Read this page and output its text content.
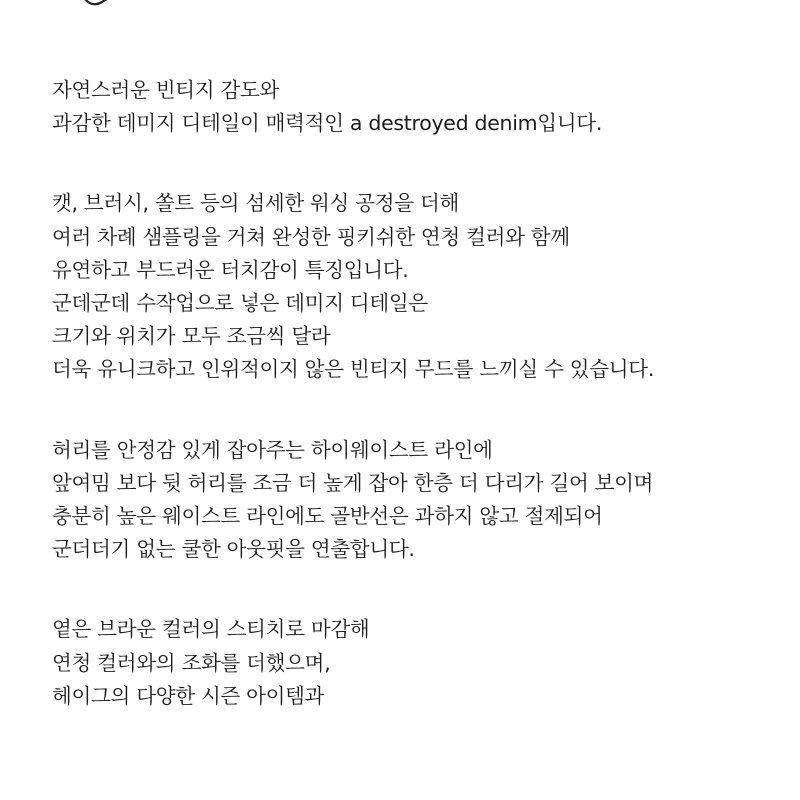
자연스러운 빈티지 감도와
과감한 데미지 디테일이 매력적인 a destroyed denim입니다.
캣, 브러시, 쏠트 등의 섬세한 워싱 공정을 더해
여러 차례 샘플링을 거쳐 완성한 핑키쉬한 연청 컬러와 함께
유연하고 부드러운 터치감이 특징입니다.
군데군데 수작업으로 넣은 데미지 디테일은
크기와 위치가 모두 조금씩 달라
더욱 유니크하고 인위적이지 않은 빈티지 무드를 느끼실 수 있습니다.
허리를 안정감 있게 잡아주는 하이웨이스트 라인에
앞여밈 보다 뒷 허리를 조금 더 높게 잡아 한층 더 다리가 길어 보이며
충분히 높은 웨이스트 라인에도 골반선은 과하지 않고 절제되어
군더더기 없는 쿨한 아웃핏을 연출합니다.
옅은 브라운 컬러의 스티치로 마감해
연청 컬러와의 조화를 더했으며,
헤이그의 다양한 시즌 아이템과
